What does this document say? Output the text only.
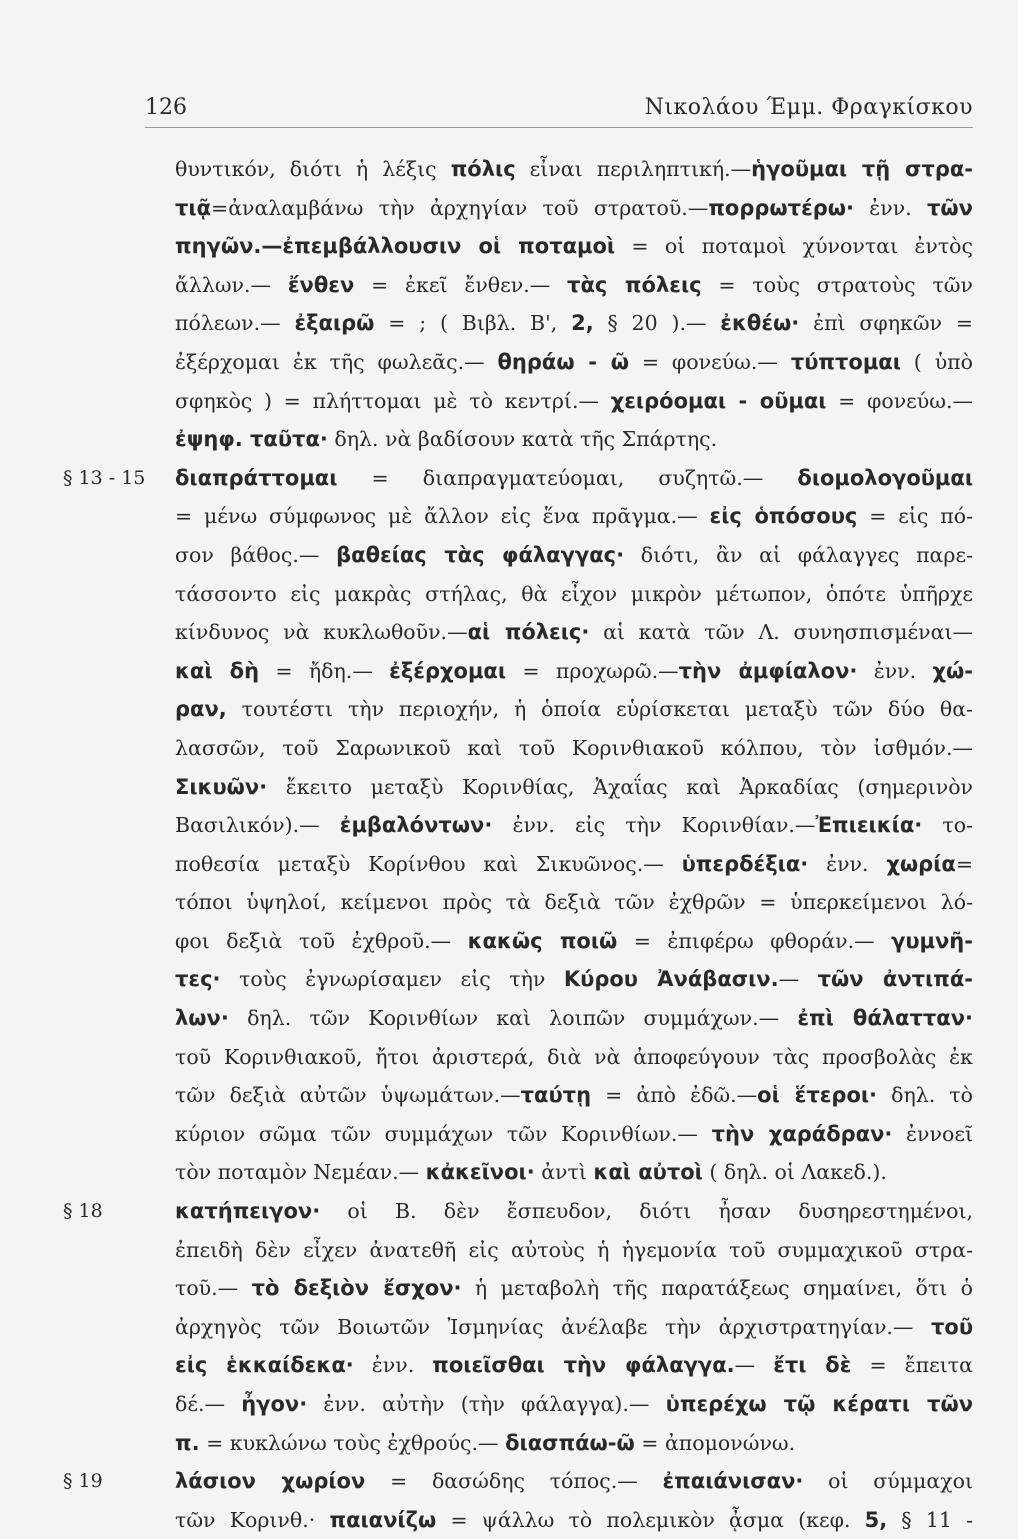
126	Νικολάου Έμμ. Φραγκίσκου
θυντικόν, διότι ἡ λέξις πόλις εἶναι περιληπτική.—ἡγοῦμαι τῇ στρα-
τιᾷ=ἀναλαμβάνω τὴν ἀρχηγίαν τοῦ στρατοῦ.—πορρωτέρω· ἐνν. τῶν
πηγῶν.—ἐπεμβάλλουσιν οἱ ποταμοὶ = οἱ ποταμοὶ χύνονται ἐντὸς
ἄλλων.— ἔνθεν = ἐκεῖ ἔνθεν.— τὰς πόλεις = τοὺς στρατοὺς τῶν
πόλεων.— ἐξαιρῶ = ; ( Βιβλ. Β', 2, § 20 ).— ἐκθέω· ἐπὶ σφηκῶν =
ἐξέρχομαι ἐκ τῆς φωλεᾶς.— θηράω - ῶ = φονεύω.— τύπτομαι ( ὑπὸ
σφηκὸς ) = πλήττομαι μὲ τὸ κεντρί.— χειρόομαι - οῦμαι = φονεύω.—
ἐψηφ. ταῦτα· δηλ. νὰ βαδίσουν κατὰ τῆς Σπάρτης.
§ 13 - 15 διαπράττομαι = διαπραγματεύομαι, συζητῶ.— διομολογοῦμαι
= μένω σύμφωνος μὲ ἄλλον εἰς ἕνα πρᾶγμα.— εἰς ὁπόσους = εἰς πό-
σον βάθος.— βαθείας τὰς φάλαγγας· διότι, ἂν αἱ φάλαγγες παρε-
τάσσοντο εἰς μακρὰς στήλας, θὰ εἶχον μικρὸν μέτωπον, ὁπότε ὑπῆρχε
κίνδυνος νὰ κυκλωθοῦν.—αἱ πόλεις· αἱ κατὰ τῶν Λ. συνησπισμέναι—
καὶ δὴ = ἤδη.— ἐξέρχομαι = προχωρῶ.—τὴν ἀμφίαλον· ἐνν. χώ-
ραν, τουτέστι τὴν περιοχήν, ἡ ὁποία εὑρίσκεται μεταξὺ τῶν δύο θα-
λασσῶν, τοῦ Σαρωνικοῦ καὶ τοῦ Κορινθιακοῦ κόλπου, τὸν ἰσθμόν.—
Σικυῶν· ἔκειτο μεταξὺ Κορινθίας, Ἀχαΐας καὶ Ἀρκαδίας (σημερινὸν
Βασιλικόν).— ἐμβαλόντων· ἐνν. εἰς τὴν Κορινθίαν.—Ἐπιεικία· το-
ποθεσία μεταξὺ Κορίνθου καὶ Σικυῶνος.— ὑπερδέξια· ἐνν. χωρία=
τόποι ὑψηλοί, κείμενοι πρὸς τὰ δεξιὰ τῶν ἐχθρῶν = ὑπερκείμενοι λό-
φοι δεξιὰ τοῦ ἐχθροῦ.— κακῶς ποιῶ = ἐπιφέρω φθοράν.— γυμνῆ-
τες· τοὺς ἐγνωρίσαμεν εἰς τὴν Κύρου Ἀνάβασιν.— τῶν ἀντιπά-
λων· δηλ. τῶν Κορινθίων καὶ λοιπῶν συμμάχων.— ἐπὶ θάλατταν·
τοῦ Κορινθιακοῦ, ἤτοι ἀριστερά, διὰ νὰ ἀποφεύγουν τὰς προσβολὰς ἐκ
τῶν δεξιὰ αὐτῶν ὑψωμάτων.—ταύτῃ = ἀπὸ ἐδῶ.—οἱ ἕτεροι· δηλ. τὸ
κύριον σῶμα τῶν συμμάχων τῶν Κορινθίων.— τὴν χαράδραν· ἐννοεῖ
τὸν ποταμὸν Νεμέαν.— κἀκεῖνοι· ἀντὶ καὶ αὐτοὶ ( δηλ. οἱ Λακεδ.).
§ 18	κατήπειγον· οἱ Β. δὲν ἔσπευδον, διότι ἦσαν δυσηρεστημένοι,
ἐπειδὴ δὲν εἶχεν ἀνατεθῆ εἰς αὐτοὺς ἡ ἡγεμονία τοῦ συμμαχικοῦ στρα-
τοῦ.— τὸ δεξιὸν ἔσχον· ἡ μεταβολὴ τῆς παρατάξεως σημαίνει, ὅτι ὁ
ἀρχηγὸς τῶν Βοιωτῶν Ἰσμηνίας ἀνέλαβε τὴν ἀρχιστρατηγίαν.— τοῦ
εἰς ἑκκαίδεκα· ἐνν. ποιεῖσθαι τὴν φάλαγγα.— ἔτι δὲ = ἔπειτα
δέ.— ἦγον· ἐνν. αὐτὴν (τὴν φάλαγγα).— ὑπερέχω τῷ κέρατι τῶν
π. = κυκλώνω τοὺς ἐχθρούς.— διασπάω-ῶ = ἀπομονώνω.
§ 19	λάσιον χωρίον = δασώδης τόπος.— ἐπαιάνισαν· οἱ σύμμαχοι
τῶν Κορινθ.· παιανίζω = ψάλλω τὸ πολεμικὸν ᾆσμα (κεφ. 5, § 11 -
